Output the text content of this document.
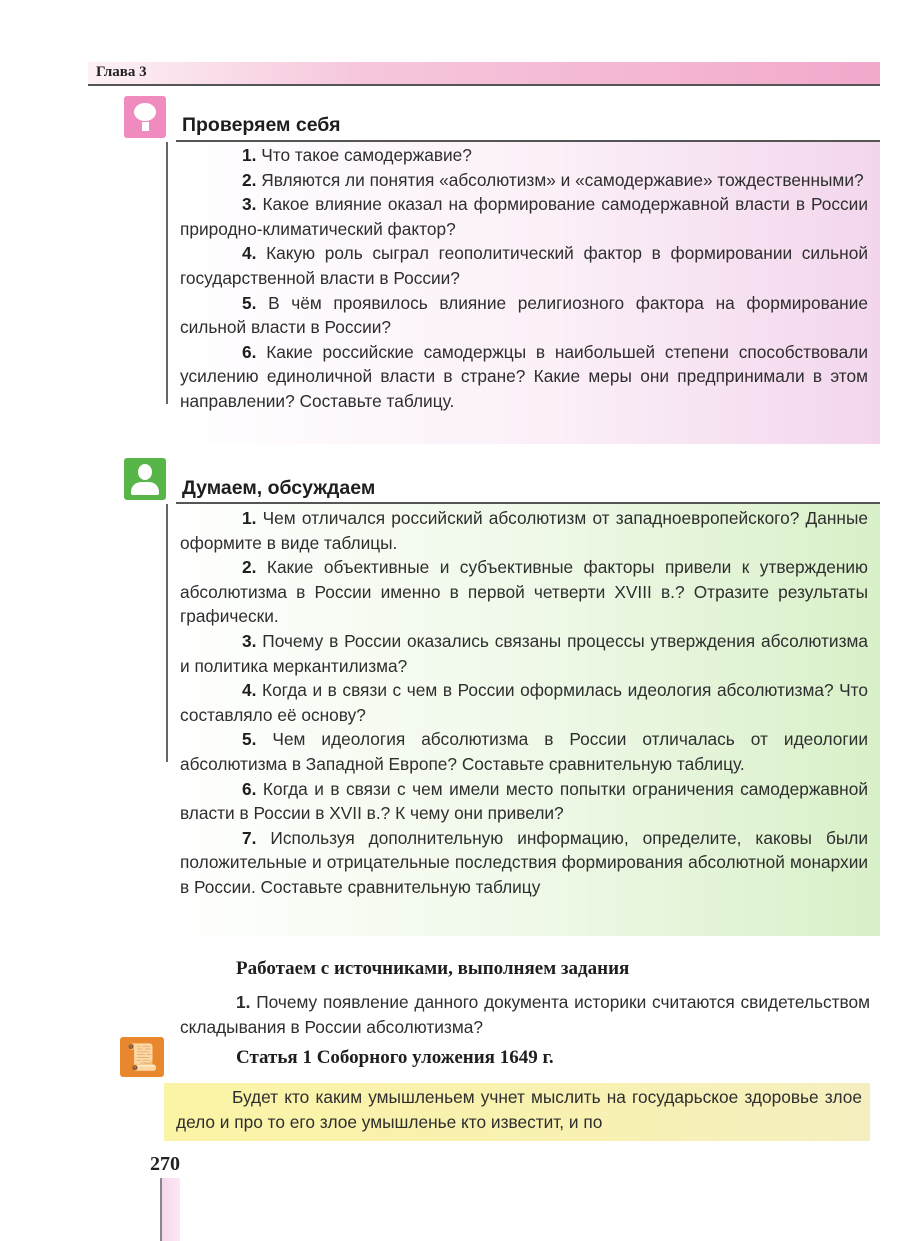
Глава 3
Проверяем себя

1. Что такое самодержавие?

2. Являются ли понятия «абсолютизм» и «самодержавие» тождественными?

3. Какое влияние оказал на формирование самодержавной власти в России природно-климатический фактор?

4. Какую роль сыграл геополитический фактор в формировании сильной государственной власти в России?

5. В чём проявилось влияние религиозного фактора на формирование сильной власти в России?

6. Какие российские самодержцы в наибольшей степени способствовали усилению единоличной власти в стране? Какие меры они предпринимали в этом направлении? Составьте таблицу.

Думаем, обсуждаем

1. Чем отличался российский абсолютизм от западноевропейского? Данные оформите в виде таблицы.

2. Какие объективные и субъективные факторы привели к утверждению абсолютизма в России именно в первой четверти XVIII в.? Отразите результаты графически.

3. Почему в России оказались связаны процессы утверждения абсолютизма и политика меркантилизма?

4. Когда и в связи с чем в России оформилась идеология абсолютизма? Что составляло её основу?

5. Чем идеология абсолютизма в России отличалась от идеологии абсолютизма в Западной Европе? Составьте сравнительную таблицу.

6. Когда и в связи с чем имели место попытки ограничения самодержавной власти в России в XVII в.? К чему они привели?

7. Используя дополнительную информацию, определите, каковы были положительные и отрицательные последствия формирования абсолютной монархии в России. Составьте сравнительную таблицу

Работаем с источниками, выполняем задания

1. Почему появление данного документа историки считаются свидетельством складывания в России абсолютизма?

📜	Статья 1 Соборного уложения 1649 г.

Будет кто каким умышленьем учнет мыслить на государьское здоровье злое дело и про то его злое умышленье кто известит, и по

270
